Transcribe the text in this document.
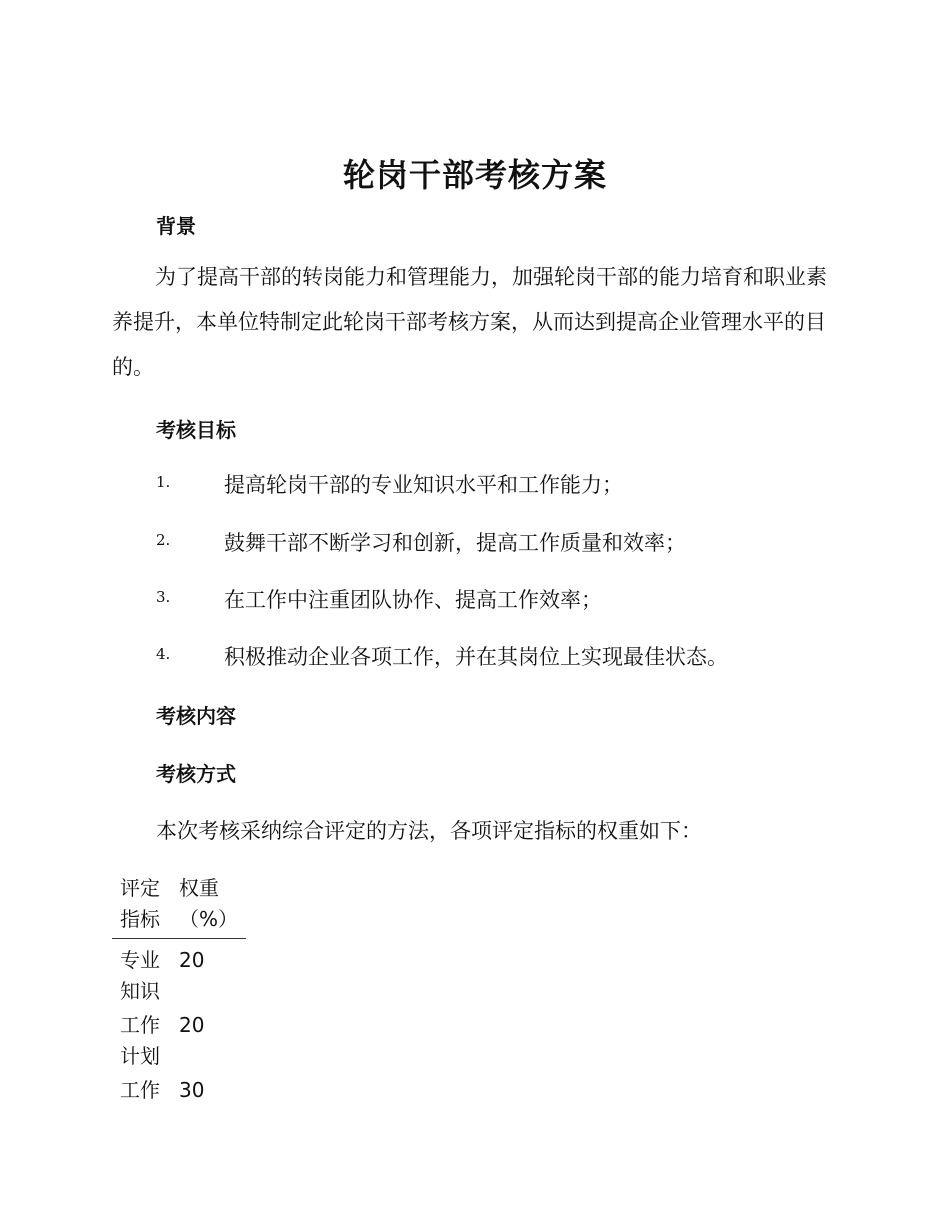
轮岗干部考核方案
背景
为了提高干部的转岗能力和管理能力，加强轮岗干部的能力培育和职业素养提升，本单位特制定此轮岗干部考核方案，从而达到提高企业管理水平的目的。
考核目标
1.	提高轮岗干部的专业知识水平和工作能力；
2.	鼓舞干部不断学习和创新，提高工作质量和效率；
3.	在工作中注重团队协作、提高工作效率；
4.	积极推动企业各项工作，并在其岗位上实现最佳状态。
考核内容
考核方式
本次考核采纳综合评定的方法，各项评定指标的权重如下：
评定指标	权重（%）
专业知识	20
工作计划	20
工作	30
